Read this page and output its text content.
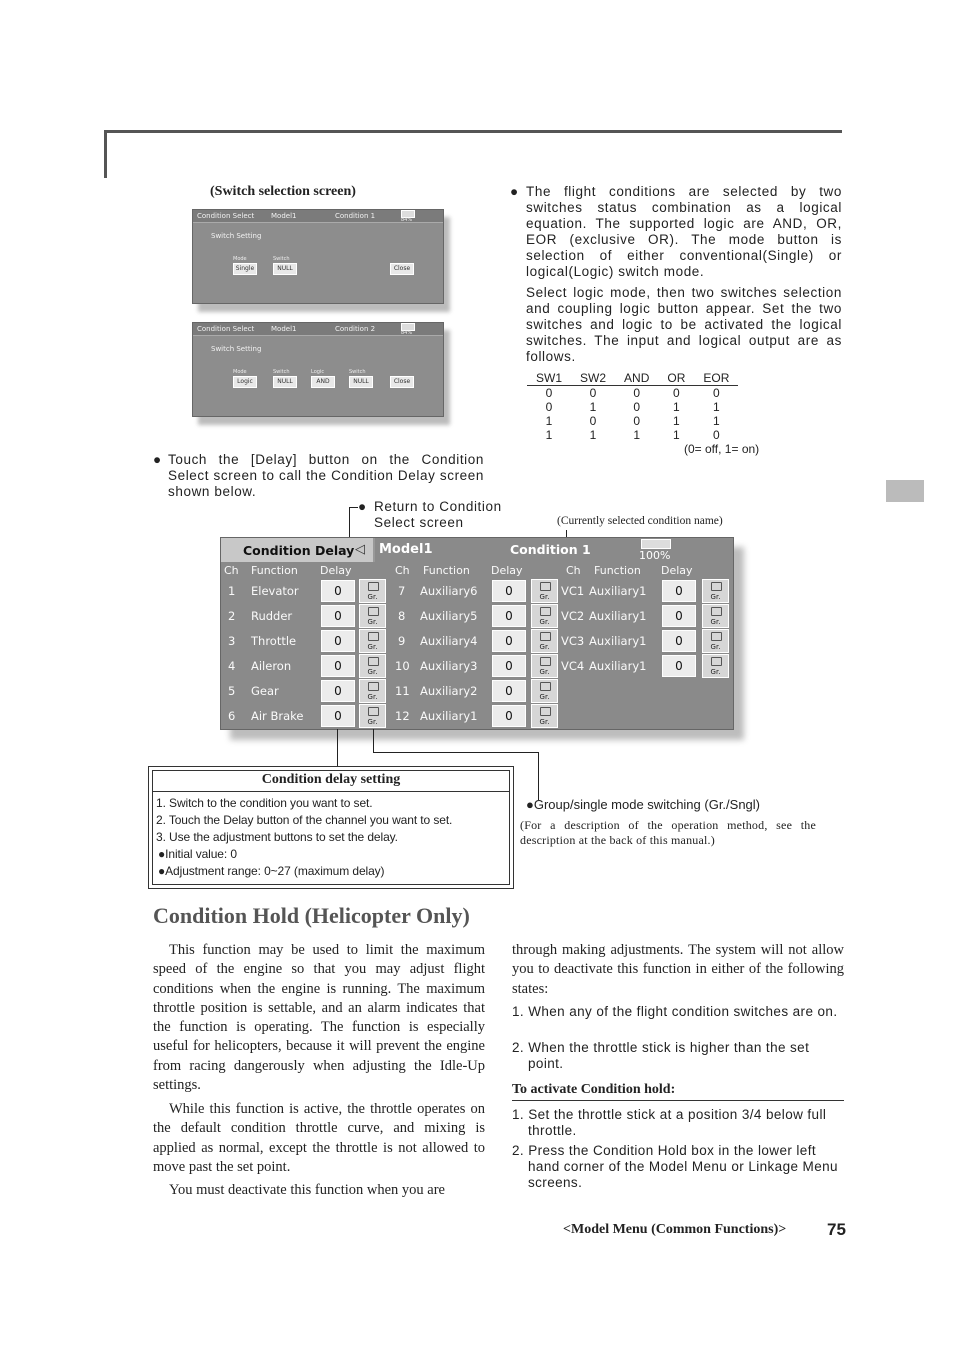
(Switch selection screen)
Condition Select Model1	Condition 1	84%
Switch Setting
Mode	Switch
Single	NULL	Close
Condition Select Model1	Condition 2	84%
Switch Setting
Mode	Switch	Logic	Switch
Logic	NULL	AND	NULL	Close
● The flight conditions are selected by two switches status combination as a logical equation. The supported logic are AND, OR, EOR (exclusive OR). The mode button is selection of either conventional(Single) or logical(Logic) switch mode.
Select logic mode, then two switches selection and coupling logic button appear. Set the two switches and logic to be activated the logical switches. The input and logical output are as follows.
SW1	SW2	AND	OR	EOR
0	0	0	0	0
0	1	0	1	1
1	0	0	1	1
1	1	1	1	0
(0= off, 1= on)
● Touch the [Delay] button on the Condition Select screen to call the Condition Delay screen shown below.
● Return to Condition
Select screen	(Currently selected condition name)
Condition Delay ◁ Model1	Condition 1	100%
Ch Function Delay	Ch Function Delay	Ch Function Delay
1 Elevator	0	Gr.
2 Rudder	0	Gr.
3 Throttle	0	Gr.
4 Aileron	0	Gr.
5 Gear	0	Gr.
6 Air Brake	0	Gr.
7 Auxiliary6	0	Gr.
8 Auxiliary5	0	Gr.
9 Auxiliary4	0	Gr.
10 Auxiliary3	0	Gr.
11 Auxiliary2	0	Gr.
12 Auxiliary1	0	Gr.
VC1 Auxiliary1	0	Gr.
VC2 Auxiliary1	0	Gr.
VC3 Auxiliary1	0	Gr.
VC4 Auxiliary1	0	Gr.
Condition delay setting
1. Switch to the condition you want to set.
2. Touch the Delay button of the channel you want to set.
3. Use the adjustment buttons to set the delay.
●Initial value: 0
●Adjustment range: 0~27 (maximum delay)
●Group/single mode switching (Gr./Sngl)
(For a description of the operation method, see the description at the back of this manual.)
Condition Hold (Helicopter Only)
This function may be used to limit the maximum speed of the engine so that you may adjust flight conditions when the engine is running. The maximum throttle position is settable, and an alarm indicates that the function is operating. The function is especially useful for helicopters, because it will prevent the engine from racing dangerously when adjusting the Idle-Up settings.
While this function is active, the throttle operates on the default condition throttle curve, and mixing is applied as normal, except the throttle is not allowed to move past the set point.
You must deactivate this function when you are
through making adjustments. The system will not allow you to deactivate this function in either of the following states:
1. When any of the flight condition switches are on.
2. When the throttle stick is higher than the set point.
To activate Condition hold:
1. Set the throttle stick at a position 3/4 below full throttle.
2. Press the Condition Hold box in the lower left hand corner of the Model Menu or Linkage Menu screens.
<Model Menu (Common Functions)> 75
